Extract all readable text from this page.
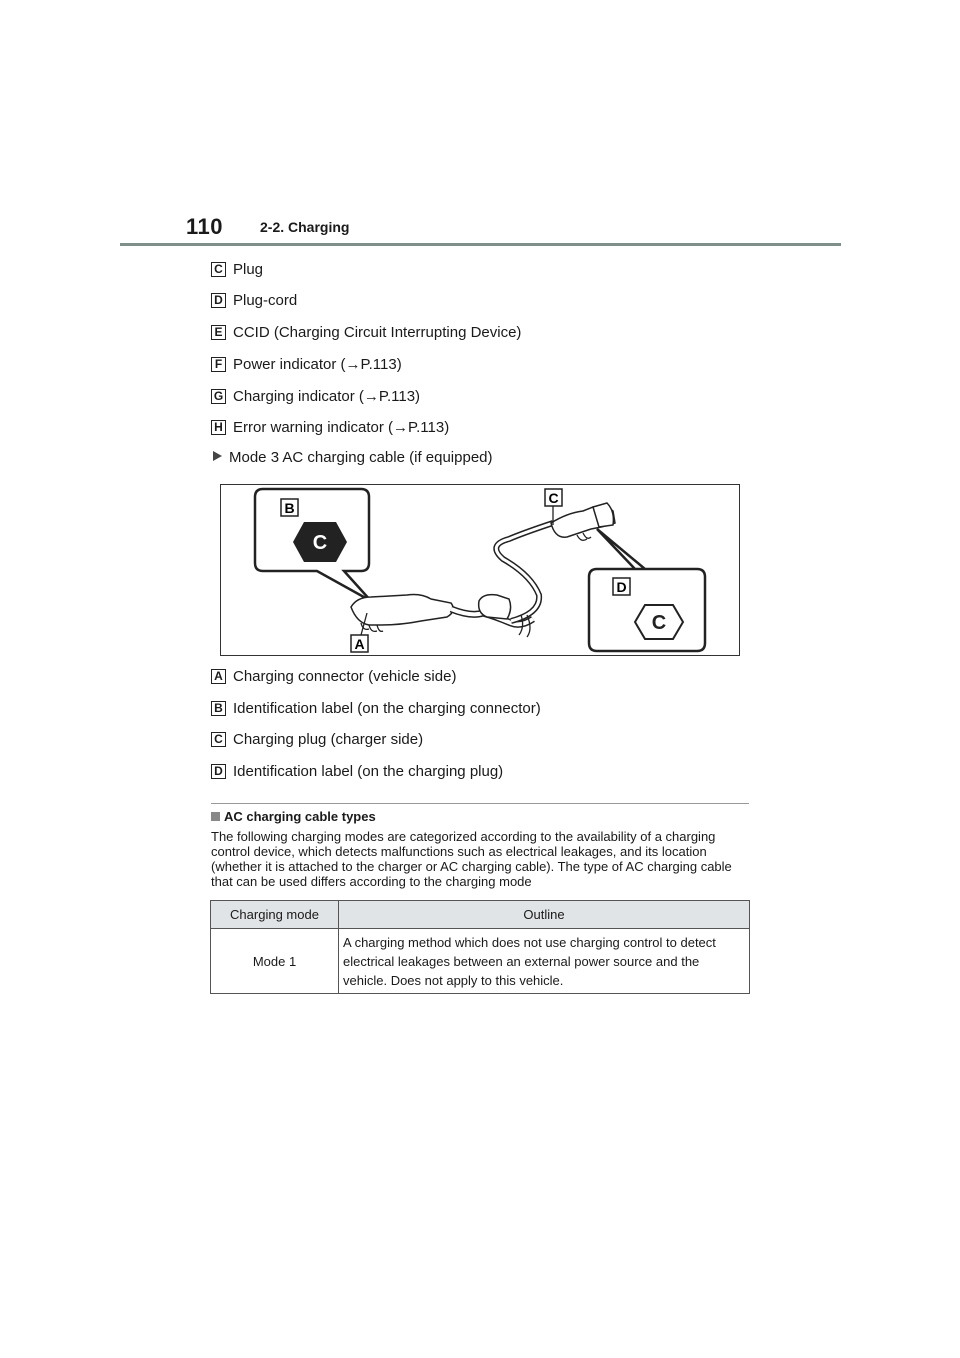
110	2-2. Charging
C Plug
D Plug-cord
E CCID (Charging Circuit Interrupting Device)
F Power indicator (→P.113)
G Charging indicator (→P.113)
H Error warning indicator (→P.113)
Mode 3 AC charging cable (if equipped)
C
B
C
C
D
A
A Charging connector (vehicle side)
B Identification label (on the charging connector)
C Charging plug (charger side)
D Identification label (on the charging plug)
AC charging cable types
The following charging modes are categorized according to the availability of a charging control device, which detects malfunctions such as electrical leakages, and its location (whether it is attached to the charger or AC charging cable). The type of AC charging cable that can be used differs according to the charging mode
Charging mode	Outline
Mode 1	A charging method which does not use charging control to detect electrical leakages between an external power source and the vehicle. Does not apply to this vehicle.
